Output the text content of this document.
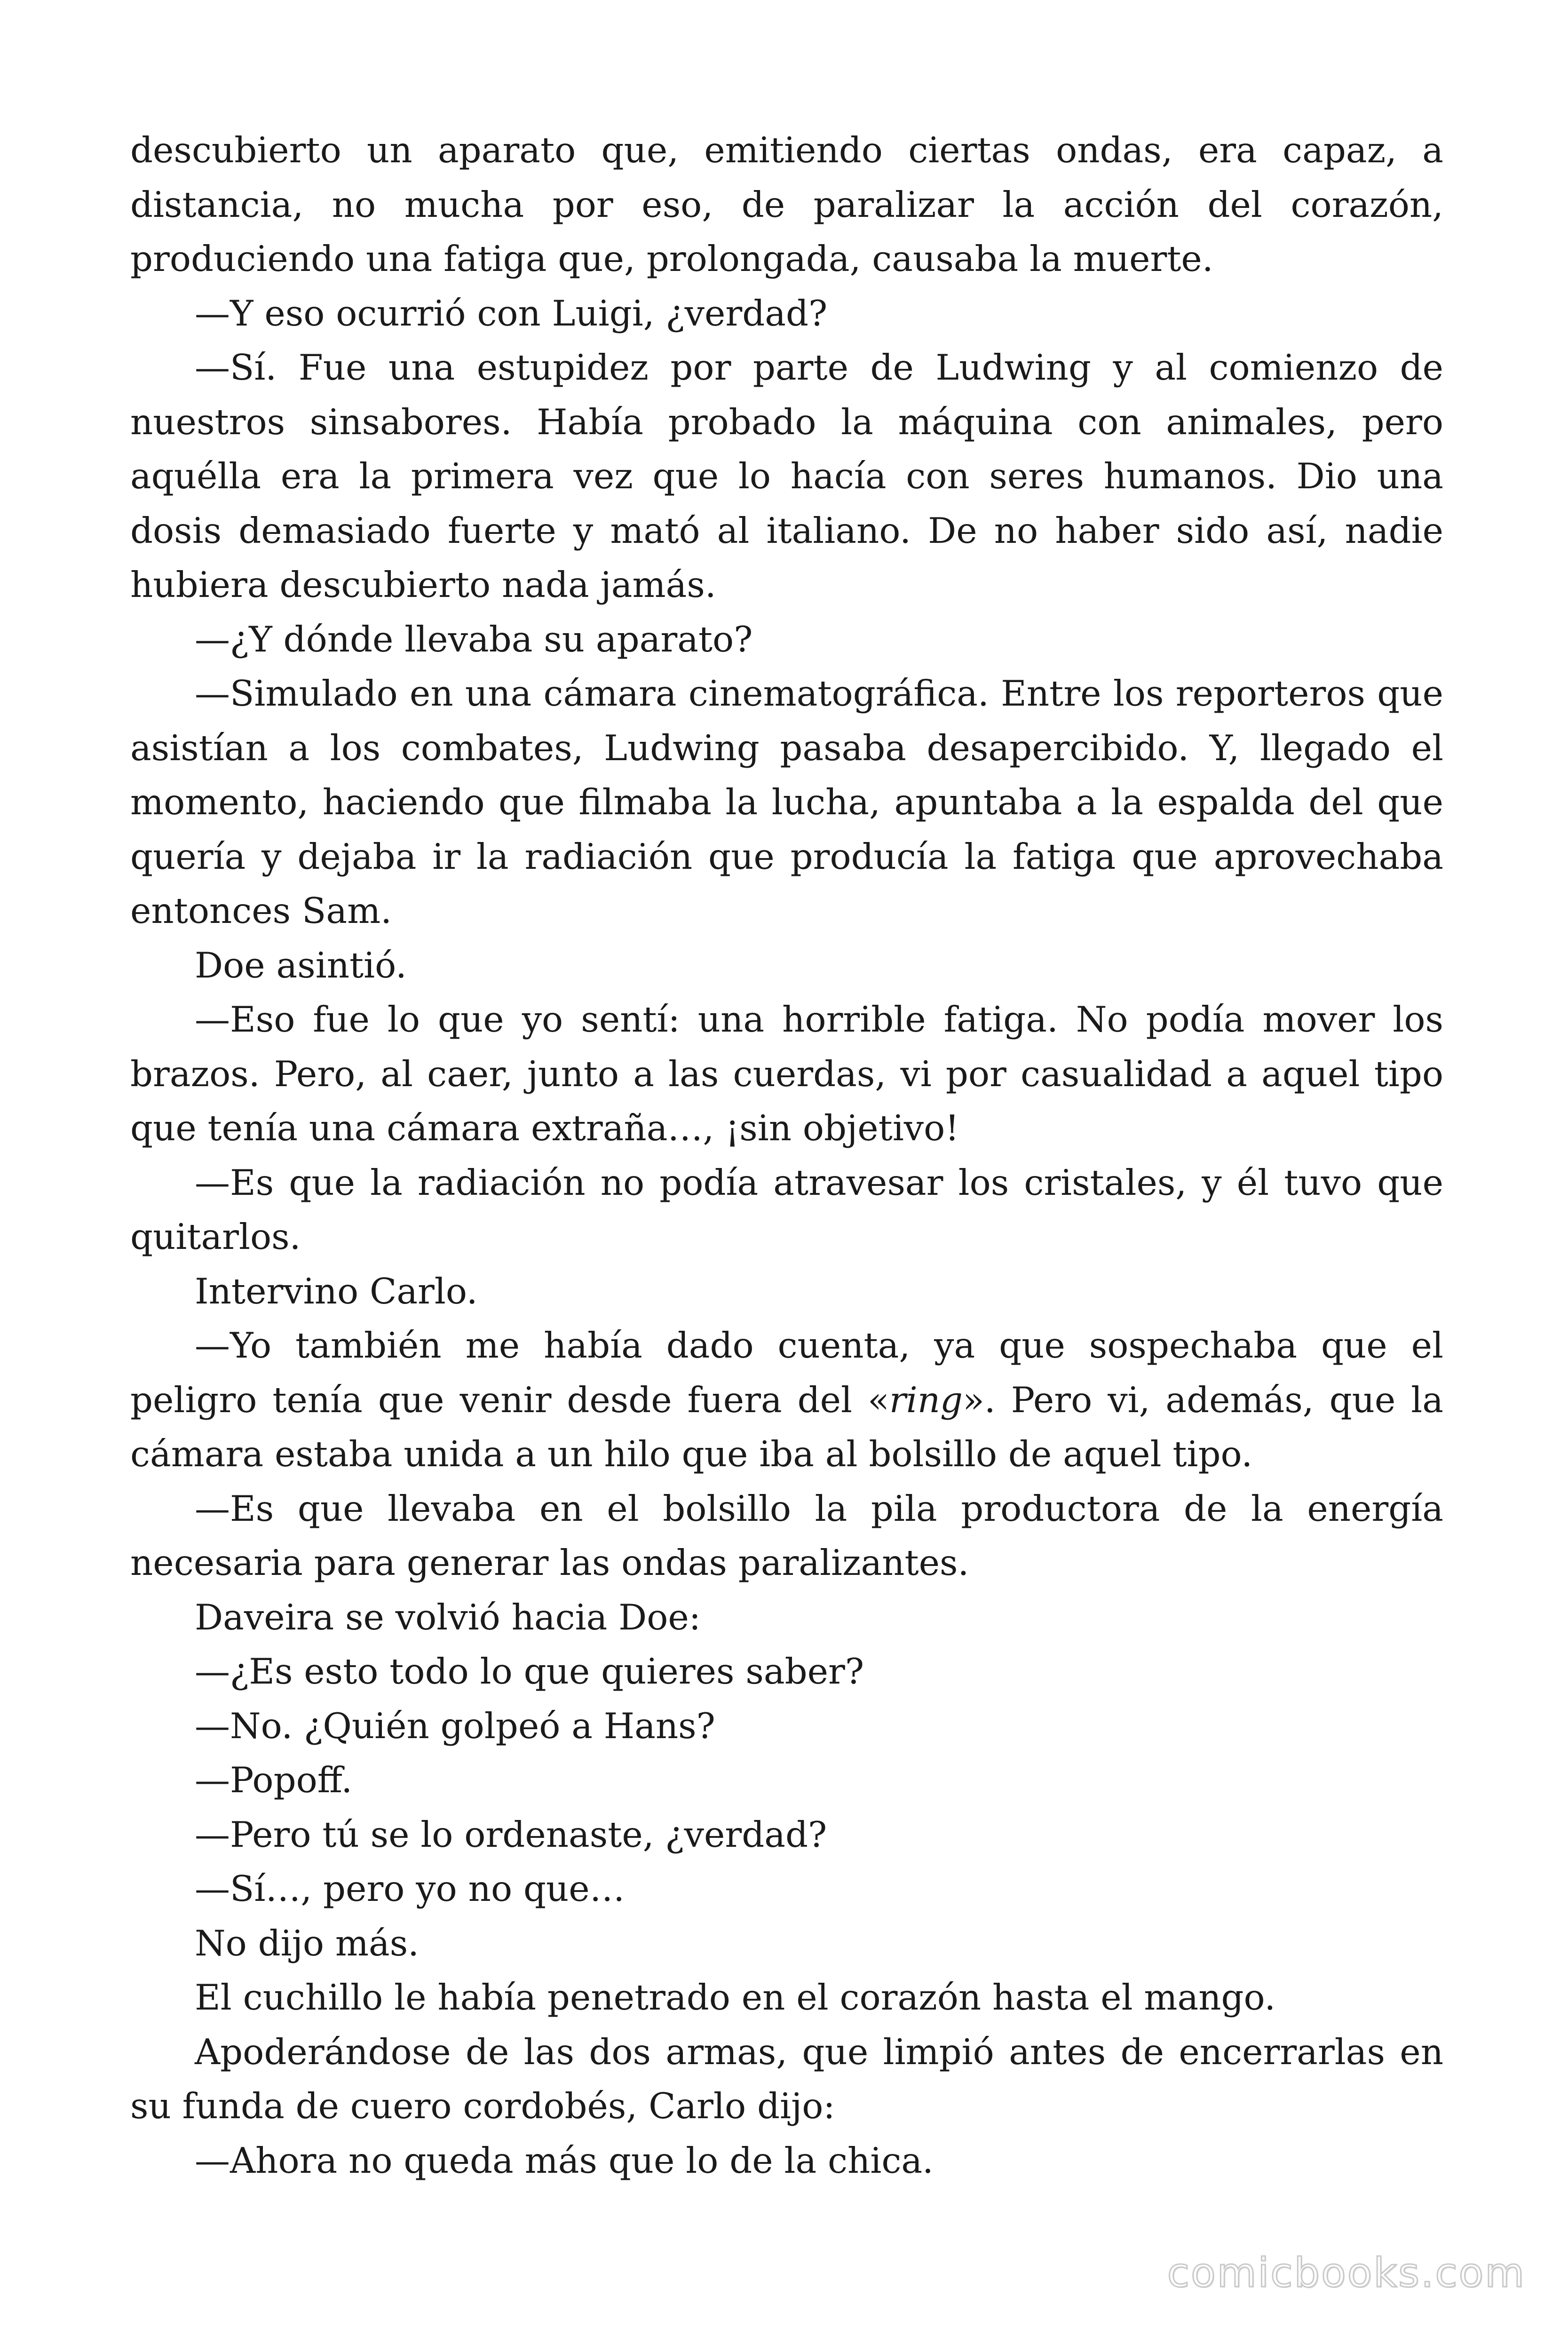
descubierto un aparato que, emitiendo ciertas ondas, era capaz, a distancia, no mucha por eso, de paralizar la acción del corazón, produciendo una fatiga que, prolongada, causaba la muerte.

—Y eso ocurrió con Luigi, ¿verdad?

—Sí. Fue una estupidez por parte de Ludwing y al comienzo de nuestros sinsabores. Había probado la máquina con animales, pero aquélla era la primera vez que lo hacía con seres humanos. Dio una dosis demasiado fuerte y mató al italiano. De no haber sido así, nadie hubiera descubierto nada jamás.

—¿Y dónde llevaba su aparato?

—Simulado en una cámara cinematográfica. Entre los reporteros que asistían a los combates, Ludwing pasaba desapercibido. Y, llegado el momento, haciendo que filmaba la lucha, apuntaba a la espalda del que quería y dejaba ir la radiación que producía la fatiga que aprovechaba entonces Sam.

Doe asintió.

—Eso fue lo que yo sentí: una horrible fatiga. No podía mover los brazos. Pero, al caer, junto a las cuerdas, vi por casualidad a aquel tipo que tenía una cámara extraña…, ¡sin objetivo!

—Es que la radiación no podía atravesar los cristales, y él tuvo que quitarlos.

Intervino Carlo.

—Yo también me había dado cuenta, ya que sospechaba que el peligro tenía que venir desde fuera del «ring». Pero vi, además, que la cámara estaba unida a un hilo que iba al bolsillo de aquel tipo.

—Es que llevaba en el bolsillo la pila productora de la energía necesaria para generar las ondas paralizantes.

Daveira se volvió hacia Doe:

—¿Es esto todo lo que quieres saber?

—No. ¿Quién golpeó a Hans?

—Popoff.

—Pero tú se lo ordenaste, ¿verdad?

—Sí…, pero yo no que…

No dijo más.

El cuchillo le había penetrado en el corazón hasta el mango.

Apoderándose de las dos armas, que limpió antes de encerrarlas en su funda de cuero cordobés, Carlo dijo:

—Ahora no queda más que lo de la chica.

comicbooks.com
